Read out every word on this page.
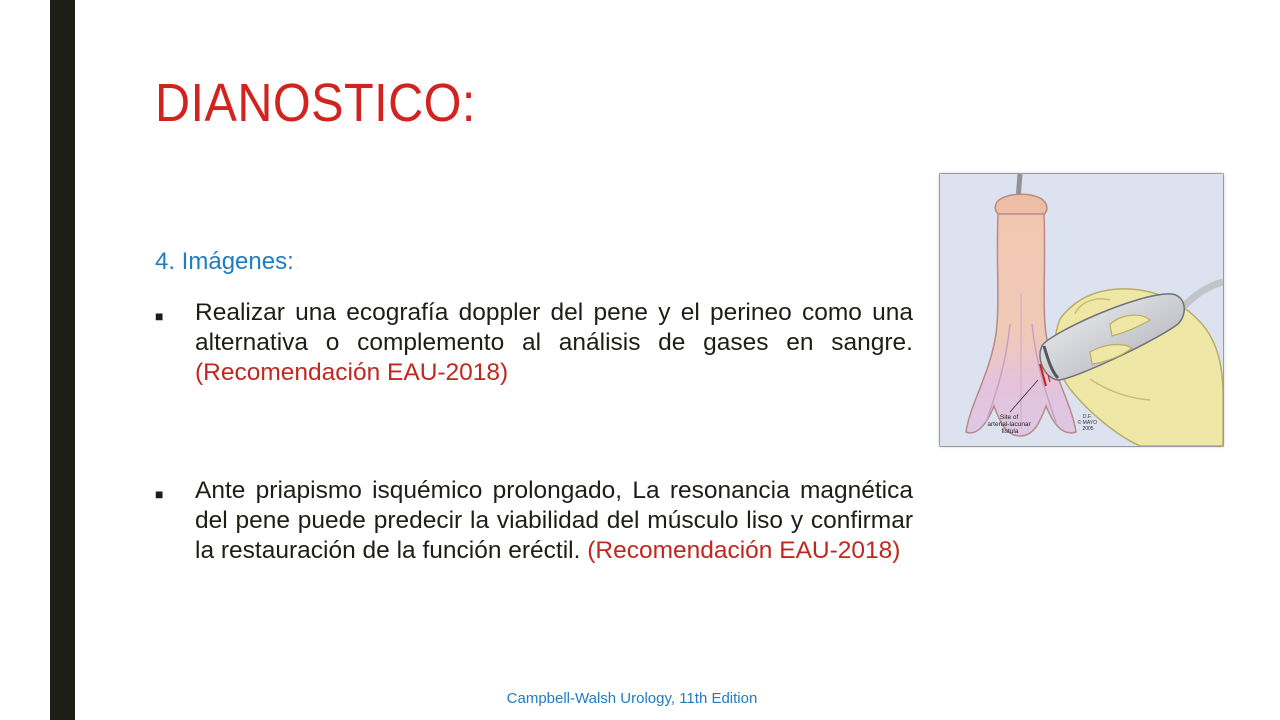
DIANOSTICO:
4. Imágenes:
■	Realizar una ecografía doppler del pene y el perineo como una alternativa o complemento al análisis de gases en sangre. (Recomendación EAU-2018)
■	Ante priapismo isquémico prolongado, La resonancia magnética del pene puede predecir la viabilidad del músculo liso y confirmar la restauración de la función eréctil. (Recomendación EAU-2018)
Site of arterial-lacunar fistula
D.F. © MAYO 2005
Campbell-Walsh Urology, 11th Edition
